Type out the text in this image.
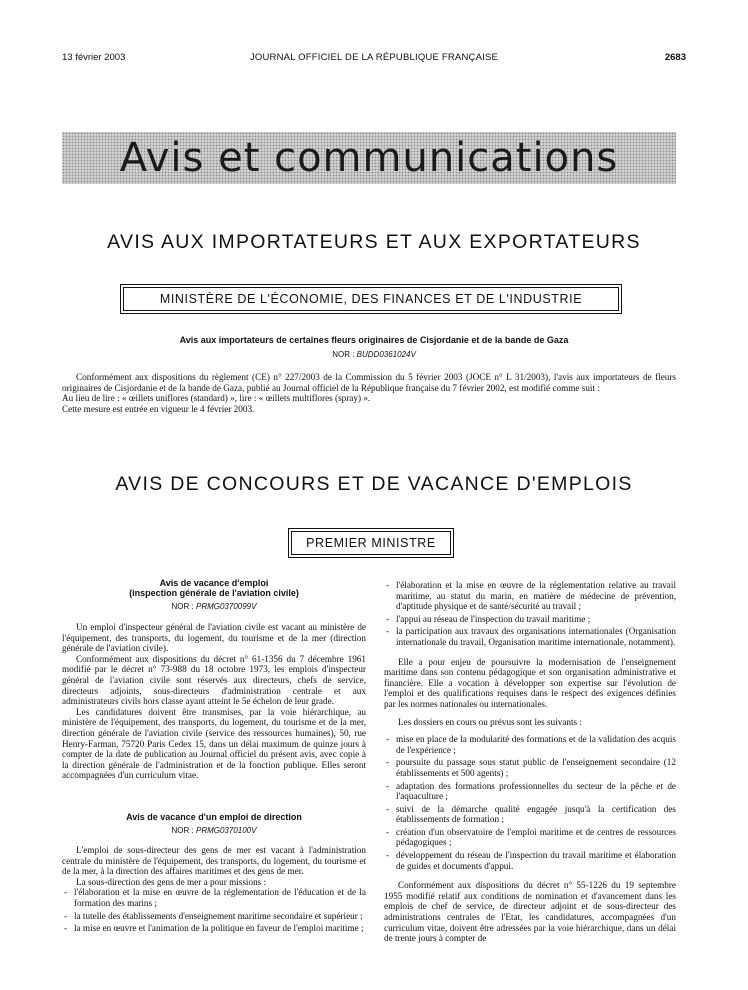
13 février 2003	JOURNAL OFFICIEL DE LA RÉPUBLIQUE FRANÇAISE	2683
Avis et communications
AVIS AUX IMPORTATEURS ET AUX EXPORTATEURS
MINISTÈRE DE L'ÉCONOMIE, DES FINANCES ET DE L'INDUSTRIE
Avis aux importateurs de certaines fleurs originaires de Cisjordanie et de la bande de Gaza
NOR : BUDD0361024V

Conformément aux dispositions du règlement (CE) n° 227/2003 de la Commission du 5 février 2003 (JOCE n° L 31/2003), l'avis aux importateurs de fleurs originaires de Cisjordanie et de la bande de Gaza, publié au Journal officiel de la République française du 7 février 2002, est modifié comme suit :

Au lieu de lire : « œillets uniflores (standard) », lire : « œillets multiflores (spray) ».

Cette mesure est entrée en vigueur le 4 février 2003.

AVIS DE CONCOURS ET DE VACANCE D'EMPLOIS
PREMIER MINISTRE
Avis de vacance d'emploi
(inspection générale de l'aviation civile)
NOR : PRMG0370099V

Un emploi d'inspecteur général de l'aviation civile est vacant au ministère de l'équipement, des transports, du logement, du tourisme et de la mer (direction générale de l'aviation civile).

Conformément aux dispositions du décret n° 61-1356 du 7 décembre 1961 modifié par le décret n° 73-988 du 18 octobre 1973, les emplois d'inspecteur général de l'aviation civile sont réservés aux directeurs, chefs de service, directeurs adjoints, sous-directeurs d'administration centrale et aux administrateurs civils hors classe ayant atteint le 5e échelon de leur grade.

Les candidatures doivent être transmises, par la voie hiérarchique, au ministère de l'équipement, des transports, du logement, du tourisme et de la mer, direction générale de l'aviation civile (service des ressources humaines), 50, rue Henry-Farman, 75720 Paris Cedex 15, dans un délai maximum de quinze jours à compter de la date de publication au Journal officiel du présent avis, avec copie à la direction générale de l'administration et de la fonction publique. Elles seront accompagnées d'un curriculum vitae.

Avis de vacance d'un emploi de direction
NOR : PRMG0370100V

L'emploi de sous-directeur des gens de mer est vacant à l'administration centrale du ministère de l'équipement, des transports, du logement, du tourisme et de la mer, à la direction des affaires maritimes et des gens de mer.

La sous-direction des gens de mer a pour missions :

- l'élaboration et la mise en œuvre de la réglementation de l'éducation et de la formation des marins ;
- la tutelle des établissements d'enseignement maritime secondaire et supérieur ;
- la mise en œuvre et l'animation de la politique en faveur de l'emploi maritime ;
- l'élaboration et la mise en œuvre de la réglementation relative au travail maritime, au statut du marin, en matière de médecine de prévention, d'aptitude physique et de santé/sécurité au travail ;
- l'appui au réseau de l'inspection du travail maritime ;
- la participation aux travaux des organisations internationales (Organisation internationale du travail, Organisation maritime internationale, notamment).

Elle a pour enjeu de poursuivre la modernisation de l'enseignement maritime dans son contenu pédagogique et son organisation administrative et financière. Elle a vocation à développer son expertise sur l'évolution de l'emploi et des qualifications requises dans le respect des exigences définies par les normes nationales ou internationales.

Les dossiers en cours ou prévus sont les suivants :

- mise en place de la modularité des formations et de la validation des acquis de l'expérience ;
- poursuite du passage sous statut public de l'enseignement secondaire (12 établissements et 500 agents) ;
- adaptation des formations professionnelles du secteur de la pêche et de l'aquaculture ;
- suivi de la démarche qualité engagée jusqu'à la certification des établissements de formation ;
- création d'un observatoire de l'emploi maritime et de centres de ressources pédagogiques ;
- développement du réseau de l'inspection du travail maritime et élaboration de guides et documents d'appui.

Conformément aux dispositions du décret n° 55-1226 du 19 septembre 1955 modifié relatif aux conditions de nomination et d'avancement dans les emplois de chef de service, de directeur adjoint et de sous-directeur des administrations centrales de l'Etat, les candidatures, accompagnées d'un curriculum vitae, doivent être adressées par la voie hiérarchique, dans un délai de trente jours à compter de
